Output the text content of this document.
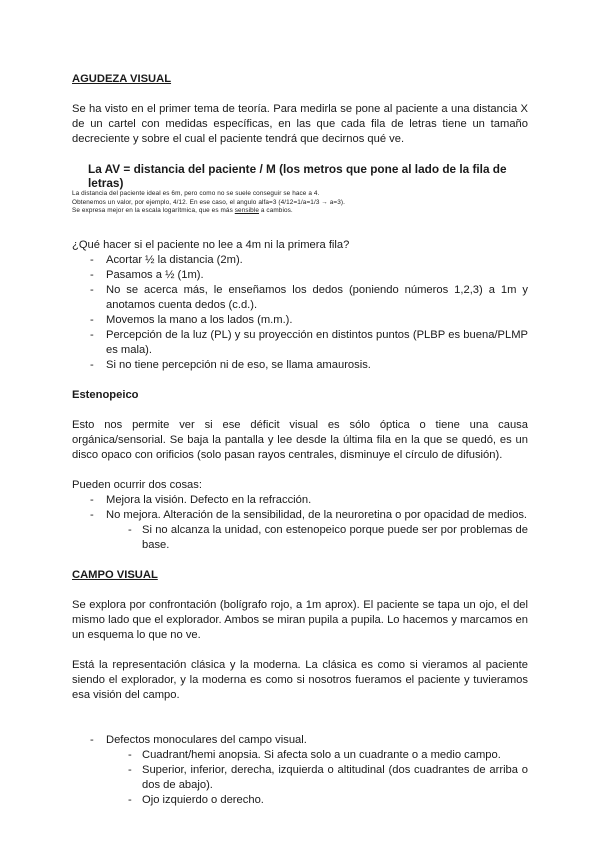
AGUDEZA VISUAL

Se ha visto en el primer tema de teoría. Para medirla se pone al paciente a una distancia X de un cartel con medidas específicas, en las que cada fila de letras tiene un tamaño decreciente y sobre el cual el paciente tendrá que decirnos qué ve.

La AV = distancia del paciente / M (los metros que pone al lado de la fila de letras)

La distancia del paciente ideal es 6m, pero como no se suele conseguir se hace a 4.

Obtenemos un valor, por ejemplo, 4/12. En ese caso, el angulo alfa=3 (4/12=1/a=1/3 → a=3).

Se expresa mejor en la escala logarítmica, que es más sensible a cambios.

¿Qué hacer si el paciente no lee a 4m ni la primera fila?
- Acortar ½ la distancia (2m).
- Pasamos a ½ (1m).
- No se acerca más, le enseñamos los dedos (poniendo números 1,2,3) a 1m y anotamos cuenta dedos (c.d.).
- Movemos la mano a los lados (m.m.).
- Percepción de la luz (PL) y su proyección en distintos puntos (PLBP es buena/PLMP es mala).
- Si no tiene percepción ni de eso, se llama amaurosis.
Estenopeico

Esto nos permite ver si ese déficit visual es sólo óptica o tiene una causa orgánica/sensorial. Se baja la pantalla y lee desde la última fila en la que se quedó, es un disco opaco con orificios (solo pasan rayos centrales, disminuye el círculo de difusión).

Pueden ocurrir dos cosas:
- Mejora la visión. Defecto en la refracción.
- No mejora. Alteración de la sensibilidad, de la neuroretina o por opacidad de medios.
- Si no alcanza la unidad, con estenopeico porque puede ser por problemas de base.
CAMPO VISUAL

Se explora por confrontación (bolígrafo rojo, a 1m aprox). El paciente se tapa un ojo, el del mismo lado que el explorador. Ambos se miran pupila a pupila. Lo hacemos y marcamos en un esquema lo que no ve.

Está la representación clásica y la moderna. La clásica es como si vieramos al paciente siendo el explorador, y la moderna es como si nosotros fueramos el paciente y tuvieramos esa visión del campo.

- Defectos monoculares del campo visual.
- Cuadrant/hemi anopsia. Si afecta solo a un cuadrante o a medio campo.
- Superior, inferior, derecha, izquierda o altitudinal (dos cuadrantes de arriba o dos de abajo).
- Ojo izquierdo o derecho.
